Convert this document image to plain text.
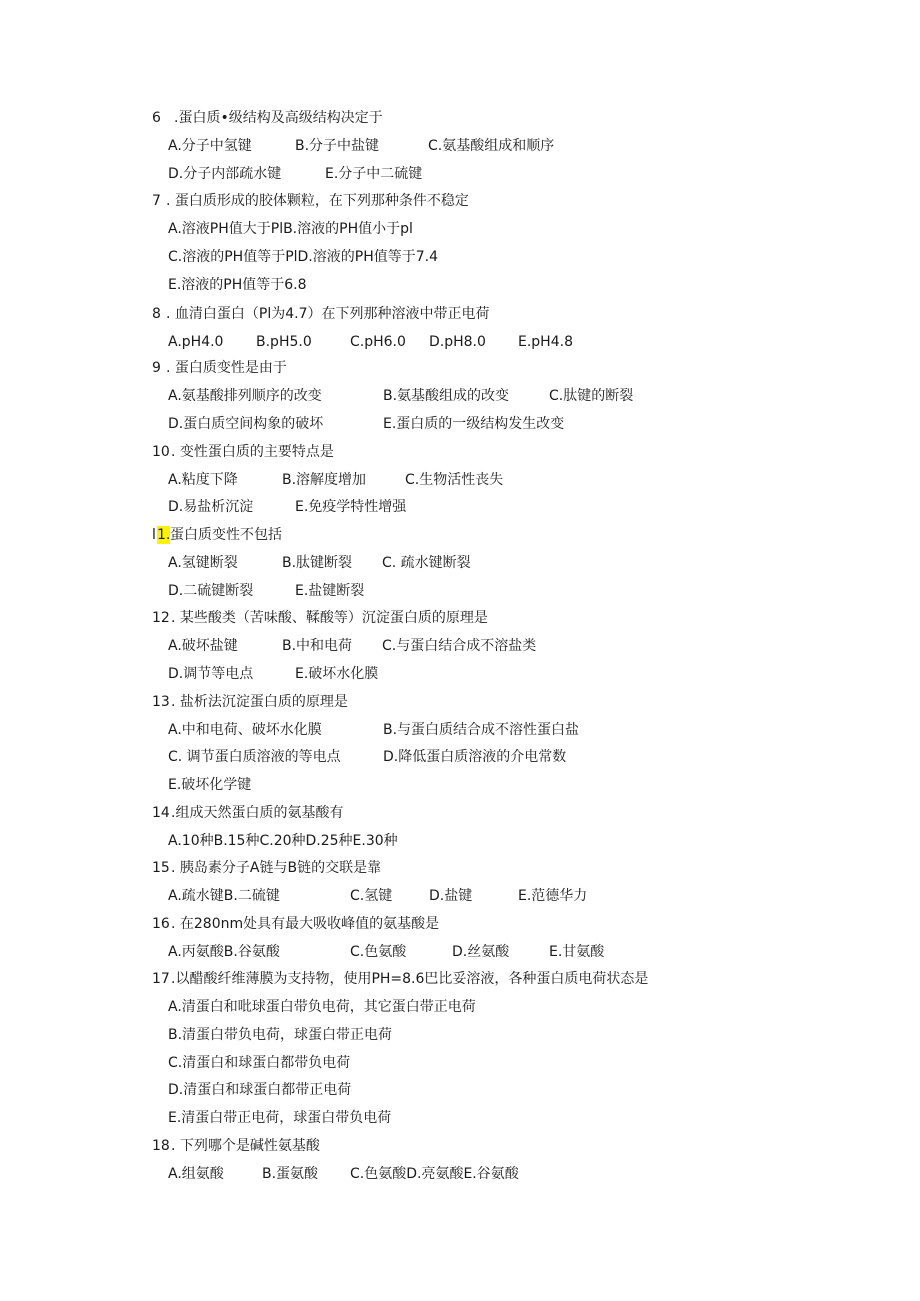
6 .蛋白质•级结构及高级结构决定于
A.分子中氢键	B.分子中盐键	C.氨基酸组成和顺序
D.分子内部疏水键	E.分子中二硫键
7 . 蛋白质形成的胶体颗粒，在下列那种条件不稳定
A.溶液PH值大于PlB.溶液的PH值小于pl
C.溶液的PH值等于PlD.溶液的PH值等于7.4
E.溶液的PH值等于6.8
8 . 血清白蛋白（Pl为4.7）在下列那种溶液中带正电荷
A.pH4.0 B.pH5.0	C.pH6.0 D.pH8.0 E.pH4.8
9 . 蛋白质变性是由于
A.氨基酸排列顺序的改变	B.氨基酸组成的改变	C.肽键的断裂
D.蛋白质空间构象的破坏	E.蛋白质的一级结构发生改变
10 . 变性蛋白质的主要特点是
A.粘度下降	B.溶解度增加	C.生物活性丧失
D.易盐析沉淀	E.免疫学特性增强
l 1. 蛋白质变性不包括
A.氢键断裂	B.肽键断裂 C. 疏水键断裂
D.二硫键断裂	E.盐键断裂
12 . 某些酸类（苦味酸、鞣酸等）沉淀蛋白质的原理是
A.破坏盐键	B.中和电荷 C.与蛋白结合成不溶盐类
D.调节等电点	E.破坏水化膜
13 . 盐析法沉淀蛋白质的原理是
A.中和电荷、破坏水化膜	B.与蛋白质结合成不溶性蛋白盐
C. 调节蛋白质溶液的等电点	D.降低蛋白质溶液的介电常数
E.破坏化学键
14 .组成天然蛋白质的氨基酸有
A.10种B.15种C.20种D.25种E.30种
15 . 胰岛素分子A链与B链的交联是靠
A.疏水键B.二硫键	C.氢键	D.盐键	E.范德华力
16 . 在280nm处具有最大吸收峰值的氨基酸是
A.丙氨酸B.谷氨酸	C.色氨酸	D.丝氨酸	E.甘氨酸
17 .以醋酸纤维薄膜为支持物，使用PH=8.6巴比妥溶液，各种蛋白质电荷状态是
A.清蛋白和吡球蛋白带负电荷，其它蛋白带正电荷
B.清蛋白带负电荷，球蛋白带正电荷
C.清蛋白和球蛋白都带负电荷
D.清蛋白和球蛋白都带正电荷
E.清蛋白带正电荷，球蛋白带负电荷
18 . 下列哪个是碱性氨基酸
A.组氨酸	B.蛋氨酸 C.色氨酸D.亮氨酸E.谷氨酸
